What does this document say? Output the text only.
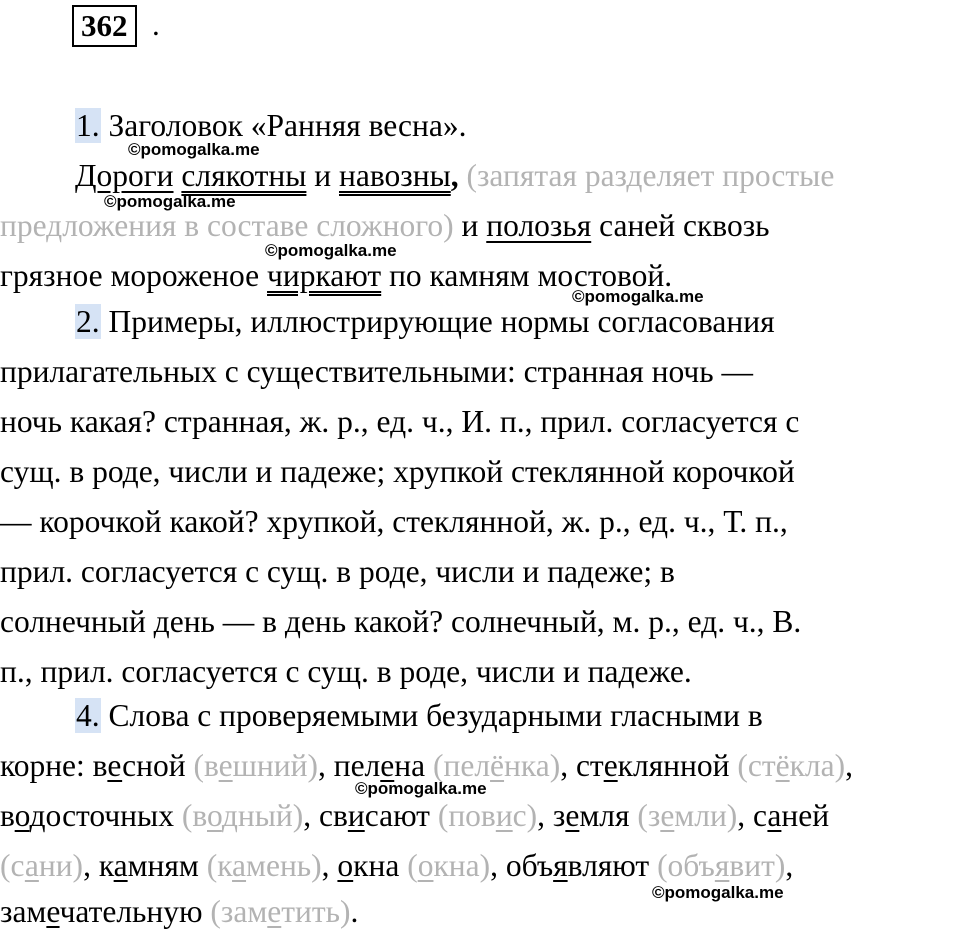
362 .
1. Заголовок «Ранняя весна».
Дороги слякотны и навозны, (запятая разделяет простые
предложения в составе сложного) и полозья саней сквозь
грязное мороженое чиркают по камням мостовой.
2. Примеры, иллюстрирующие нормы согласования
прилагательных с существительными: странная ночь —
ночь какая? странная, ж. р., ед. ч., И. п., прил. согласуется с
сущ. в роде, числи и падеже; хрупкой стеклянной корочкой
— корочкой какой? хрупкой, стеклянной, ж. р., ед. ч., Т. п.,
прил. согласуется с сущ. в роде, числи и падеже; в
солнечный день — в день какой? солнечный, м. р., ед. ч., В.
п., прил. согласуется с сущ. в роде, числи и падеже.
4. Слова с проверяемыми безударными гласными в
корне: весной (вешний), пелена (пелёнка), стеклянной (стёкла),
водосточных (водный), свисают (повис), земля (земли), саней
(сани), камням (камень), окна (окна), объявляют (объявит),
замечательную (заметить).
©pomogalka.me
©pomogalka.me
©pomogalka.me
©pomogalka.me
©pomogalka.me
©pomogalka.me
